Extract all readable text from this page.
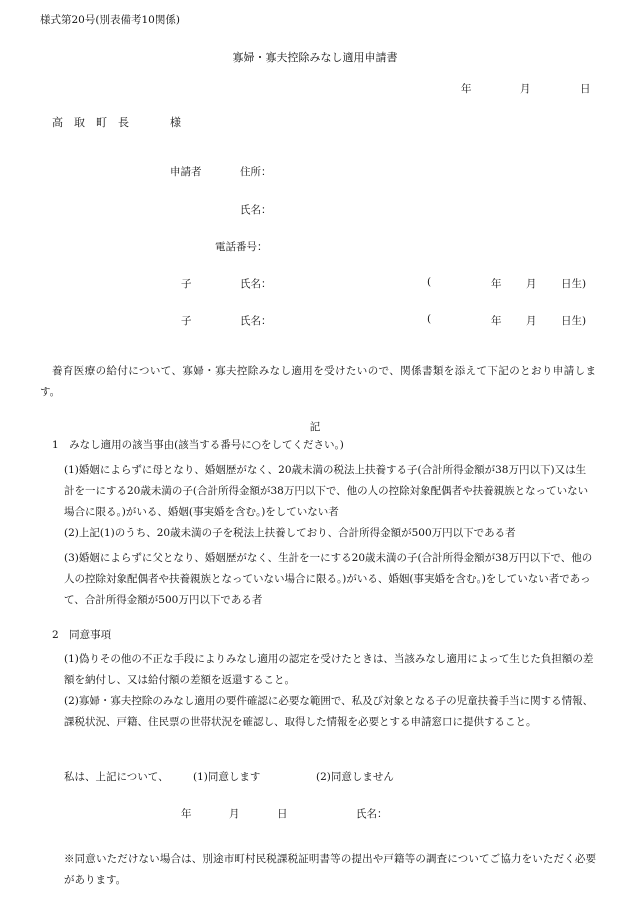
様式第20号(別表備考10関係)
寡婦・寡夫控除みなし適用申請書
年	月	日
高　取　町　長	様
申請者	住所：
氏名：
電話番号：
子	氏名：	(	年 月 日生)
子	氏名：	(	年 月 日生)
養育医療の給付について、寡婦・寡夫控除みなし適用を受けたいので、関係書類を添えて下記のとおり申請します。
記
1　みなし適用の該当事由(該当する番号に○をしてください。)
(1)婚姻によらずに母となり、婚姻歴がなく、20歳未満の税法上扶養する子(合計所得金額が38万円以下)又は生計を一にする20歳未満の子(合計所得金額が38万円以下で、他の人の控除対象配偶者や扶養親族となっていない場合に限る。)がいる、婚姻(事実婚を含む。)をしていない者
(2)上記(1)のうち、20歳未満の子を税法上扶養しており、合計所得金額が500万円以下である者
(3)婚姻によらずに父となり、婚姻歴がなく、生計を一にする20歳未満の子(合計所得金額が38万円以下で、他の人の控除対象配偶者や扶養親族となっていない場合に限る。)がいる、婚姻(事実婚を含む。)をしていない者であって、合計所得金額が500万円以下である者
2　同意事項
(1)偽りその他の不正な手段によりみなし適用の認定を受けたときは、当該みなし適用によって生じた負担額の差額を納付し、又は給付額の差額を返還すること。
(2)寡婦・寡夫控除のみなし適用の要件確認に必要な範囲で、私及び対象となる子の児童扶養手当に関する情報、課税状況、戸籍、住民票の世帯状況を確認し、取得した情報を必要とする申請窓口に提供すること。
私は、上記について、 (1)同意します	(2)同意しません
年	月	日	氏名：
※同意いただけない場合は、別途市町村民税課税証明書等の提出や戸籍等の調査についてご協力をいただく必要があります。
